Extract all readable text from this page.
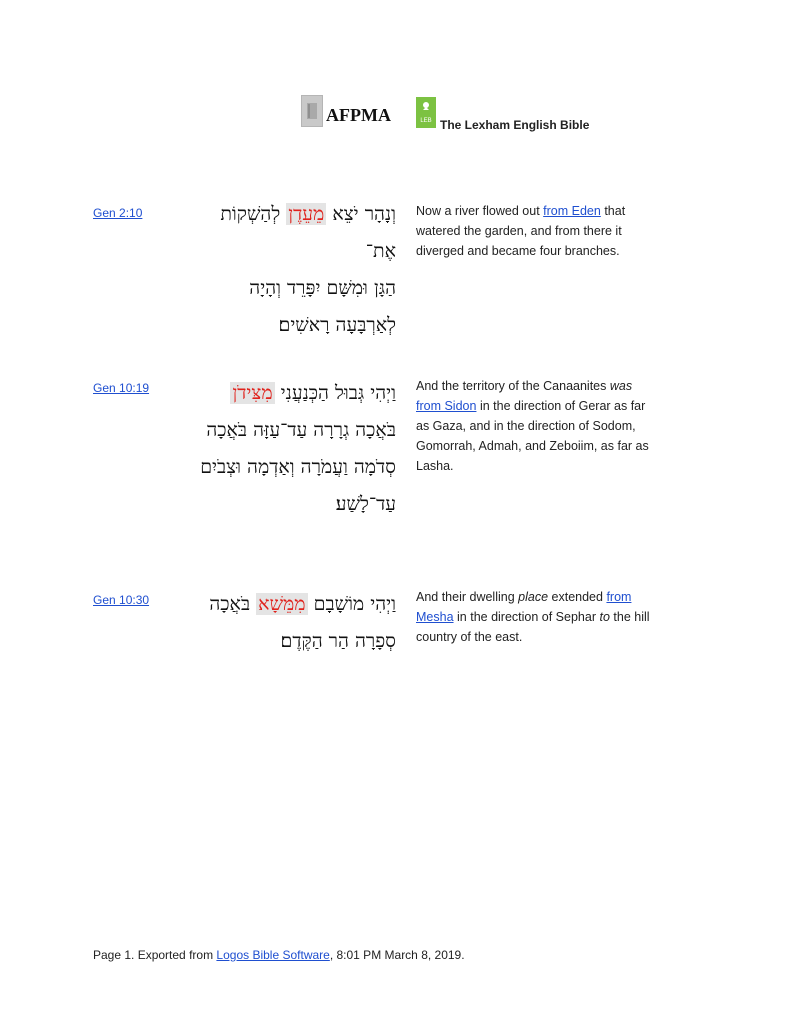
AFPMA	LEB The Lexham English Bible
Gen 2:10	וְנָהָר יֹצֵא מֵעֵדֶן לְהַשְׁקוֹת אֶת־
הַגָּן וּמִשָּׁם יִפָּרֵד וְהָיָה
לְאַרְבָּעָה רָאשִׁים׃
Now a river flowed out from Eden that watered the garden, and from there it diverged and became four branches.
Gen 10:19	וַיְהִי גְּבוּל הַכְּנַעֲנִי מִצִּידֹן
בֹּאֲכָה גְרָרָה עַד־עַזָּה בֹּאֲכָה
סְדֹמָה וַעֲמֹרָה וְאַדְמָה וּצְבֹיִם
עַד־לָשַׁע׃
And the territory of the Canaanites was from Sidon in the direction of Gerar as far as Gaza, and in the direction of Sodom, Gomorrah, Admah, and Zeboiim, as far as Lasha.
Gen 10:30	וַיְהִי מוֹשָׁבָם מִמֵּשָׁא בֹּאֲכָה
סְפָרָה הַר הַקֶּדֶם׃
And their dwelling place extended from Mesha in the direction of Sephar to the hill country of the east.
Page 1. Exported from Logos Bible Software, 8:01 PM March 8, 2019.
